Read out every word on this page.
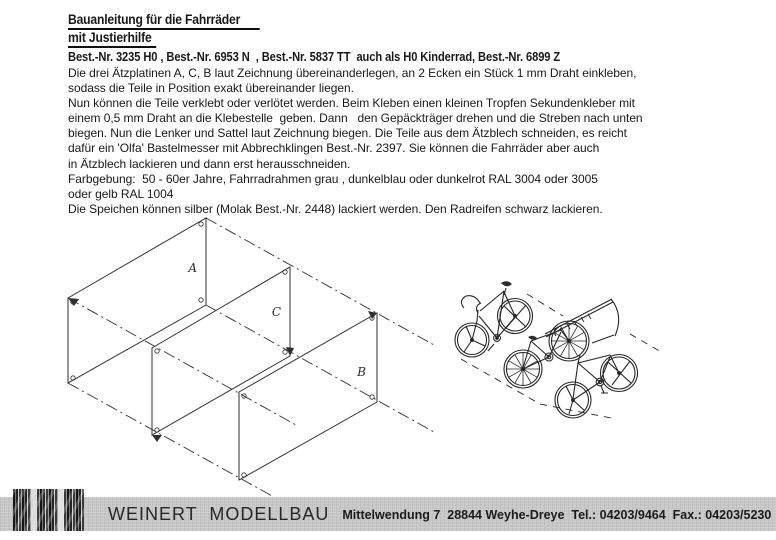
Bauanleitung für die Fahrräder
mit Justierhilfe
Best.-Nr. 3235 H0 , Best.-Nr. 6953 N  , Best.-Nr. 5837 TT  auch als H0 Kinderrad, Best.-Nr. 6899 Z
Die drei Ätzplatinen A, C, B laut Zeichnung übereinanderlegen, an 2 Ecken ein Stück 1 mm Draht einkleben,
sodass die Teile in Position exakt übereinander liegen.
Nun können die Teile verklebt oder verlötet werden. Beim Kleben einen kleinen Tropfen Sekundenkleber mit
einem 0,5 mm Draht an die Klebestelle  geben. Dann   den Gepäckträger drehen und die Streben nach unten
biegen. Nun die Lenker und Sattel laut Zeichnung biegen. Die Teile aus dem Ätzblech schneiden, es reicht
dafür ein 'Olfa' Bastelmesser mit Abbrechklingen Best.-Nr. 2397. Sie können die Fahrräder aber auch
in Ätzblech lackieren und dann erst herausschneiden.
Farbgebung:  50 - 60er Jahre, Fahrradrahmen grau , dunkelblau oder dunkelrot RAL 3004 oder 3005
oder gelb RAL 1004
Die Speichen können silber (Molak Best.-Nr. 2448) lackiert werden. Den Radreifen schwarz lackieren.
A
C
B
WEINERT  MODELLBAU Mittelwendung 7  28844 Weyhe-Dreye  Tel.: 04203/9464  Fax.: 04203/5230
